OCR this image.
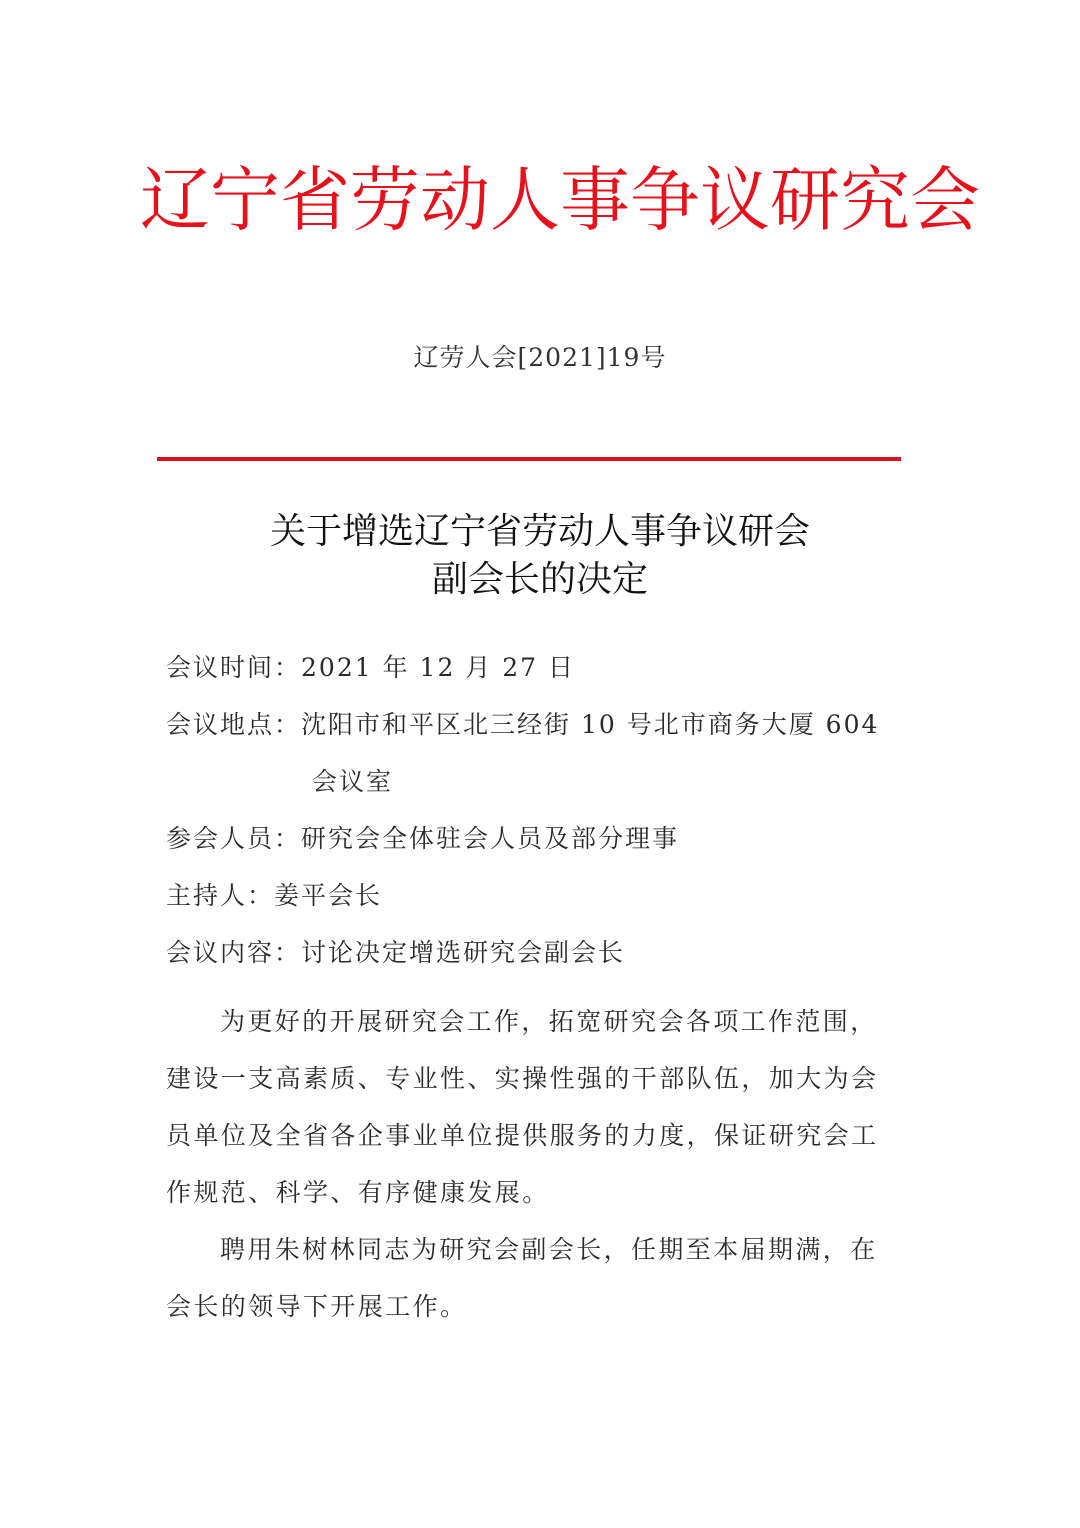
辽宁省劳动人事争议研究会
辽劳人会[2021]19号
关于增选辽宁省劳动人事争议研会
副会长的决定
会议时间： 2021 年 12 月 27 日
会议地点： 沈阳市和平区北三经街 10 号北市商务大厦 604
会议室
参会人员： 研究会全体驻会人员及部分理事
主持人： 姜平会长
会议内容： 讨论决定增选研究会副会长
为更好的开展研究会工作，拓宽研究会各项工作范围，
建设一支高素质、专业性、实操性强的干部队伍，加大为会
员单位及全省各企事业单位提供服务的力度，保证研究会工
作规范、科学、有序健康发展。
聘用朱树林同志为研究会副会长，任期至本届期满，在
会长的领导下开展工作。
